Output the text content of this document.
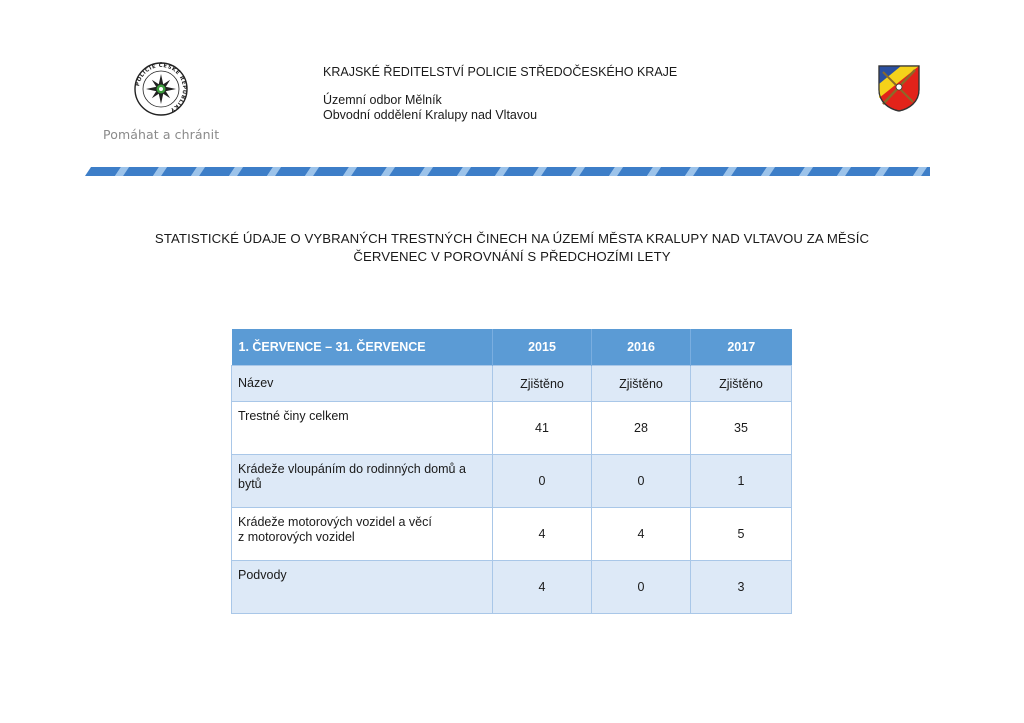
POLICIE ČESKÉ REPUBLIKY
Pomáhat a chránit
KRAJSKÉ ŘEDITELSTVÍ POLICIE STŘEDOČESKÉHO KRAJE
Územní odbor Mělník
Obvodní oddělení Kralupy nad Vltavou
STATISTICKÉ ÚDAJE O VYBRANÝCH TRESTNÝCH ČINECH NA ÚZEMÍ MĚSTA KRALUPY NAD VLTAVOU ZA MĚSÍC
ČERVENEC V POROVNÁNÍ S PŘEDCHOZÍMI LETY
1. ČERVENCE – 31. ČERVENCE	2015	2016	2017
Název	Zjištěno	Zjištěno	Zjištěno
Trestné činy celkem	41	28	35
Krádeže vloupáním do rodinných domů a
bytů	0	0	1
Krádeže motorových vozidel a věcí
z motorových vozidel	4	4	5
Podvody	4	0	3
